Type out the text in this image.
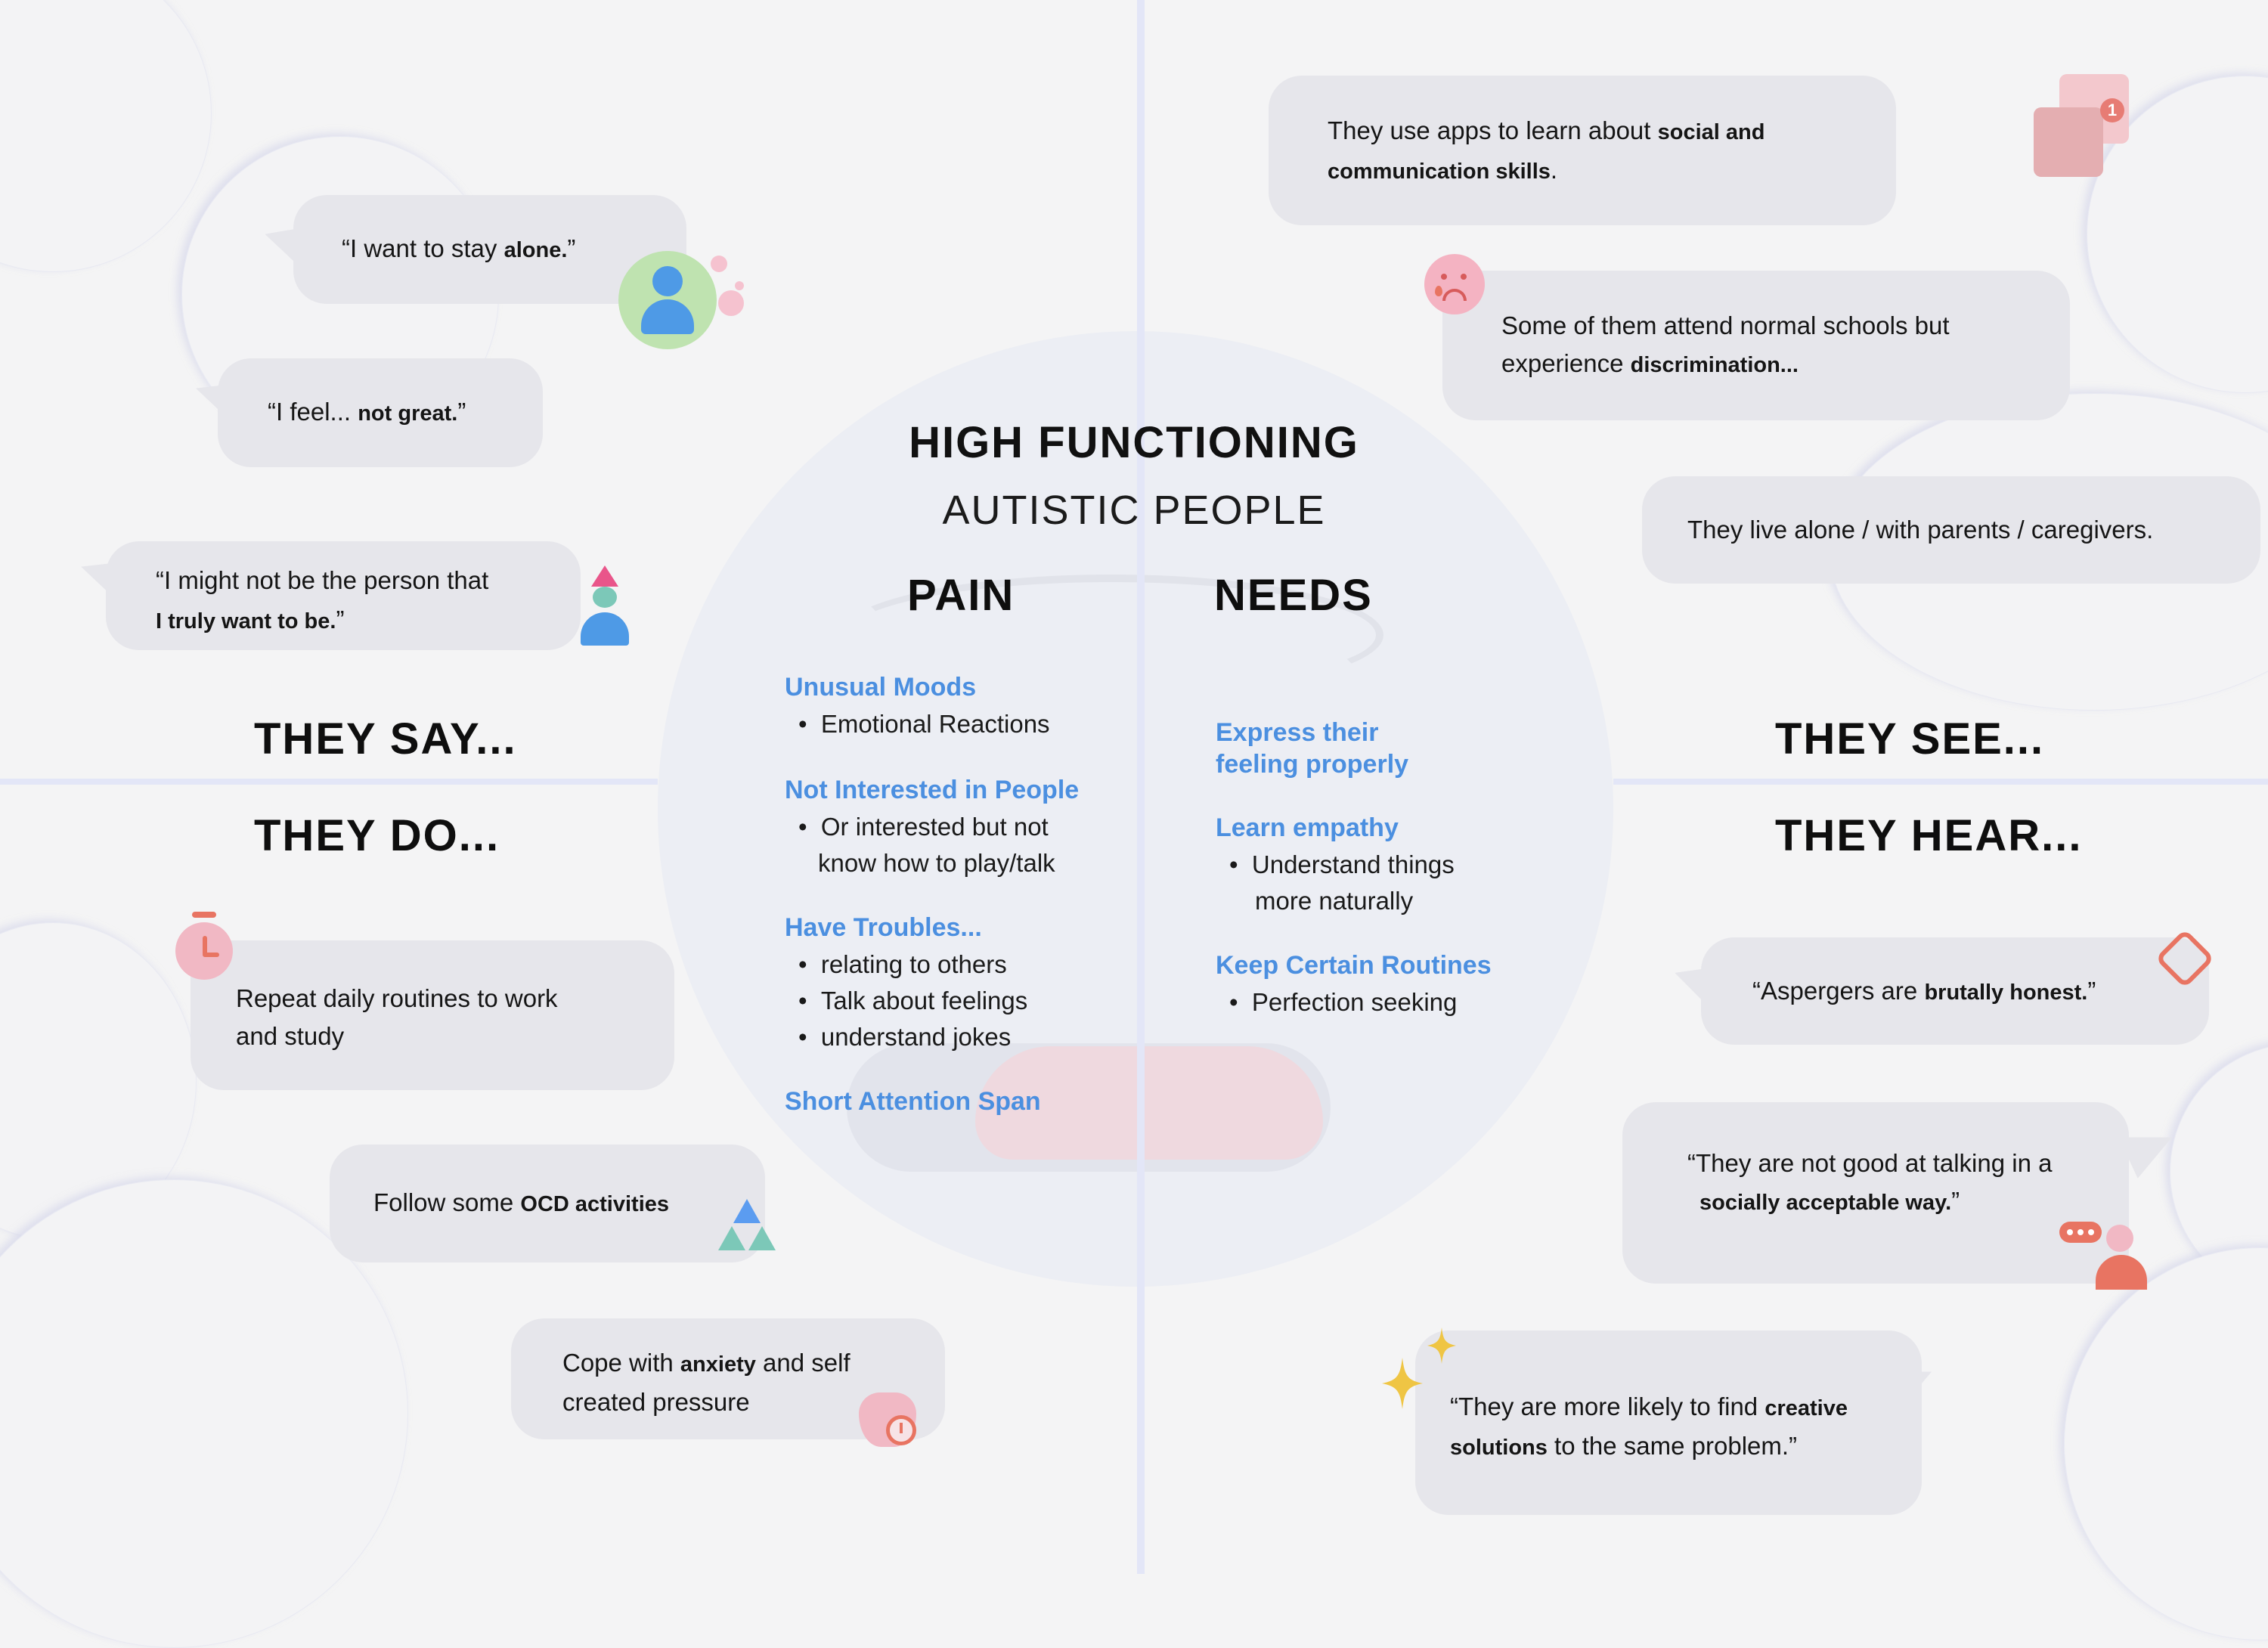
HIGH FUNCTIONING
AUTISTIC PEOPLE
PAIN	NEEDS
Unusual Moods
•  Emotional Reactions
Not Interested in People
•  Or interested but not
know how to play/talk
Have Troubles...
•  relating to others
•  Talk about feelings
•  understand jokes
Short Attention Span
Express their
feeling properly
Learn empathy
•  Understand things
more naturally
Keep Certain Routines
•  Perfection seeking
THEY SAY...
THEY DO...
THEY SEE...
THEY HEAR...
“I want to stay alone.”
“I feel... not great.”
“I might not be the person that
I truly want to be.”
Repeat daily routines to work
and study
Follow some OCD activities
Cope with anxiety and self
created pressure
They use apps to learn about social and
communication skills.
1
Some of them attend normal schools but
experience discrimination...
They live alone / with parents / caregivers.
“Aspergers are brutally honest.”
“They are not good at talking in a
socially acceptable way.”
“They are more likely to find creative
solutions to the same problem.”
